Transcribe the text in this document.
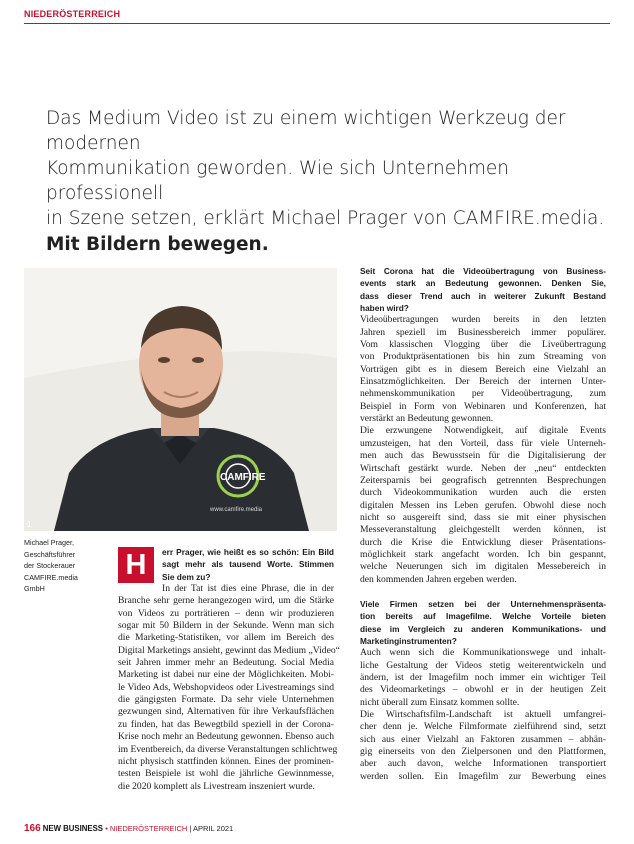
NIEDERÖSTERREICH

Das Medium Video ist zu einem wichtigen Werkzeug der modernen

Kommunikation geworden. Wie sich Unternehmen professionell

in Szene setzen, erklärt Michael Prager von CAMFIRE.media.

Mit Bildern bewegen.

CAMFIRE
www.camfire.media
1
Michael Prager,
Geschäftsführer
der Stockerauer
CAMFIRE.media
GmbH
H	err Prager, wie heißt es so schön: Ein Bild
sagt mehr als tausend Worte. Stimmen
Sie dem zu?
In der Tat ist dies eine Phrase, die in der
Branche sehr gerne herangezogen wird, um die Stärke
von Videos zu porträtieren – denn wir produzieren
sogar mit 50 Bildern in der Sekunde. Wenn man sich
die Marketing-Statistiken, vor allem im Bereich des
Digital Marketings ansieht, gewinnt das Medium „Video“
seit Jahren immer mehr an Bedeutung. Social Media
Marketing ist dabei nur eine der Möglichkeiten. Mobi-
le Video Ads, Webshopvideos oder Livestreamings sind
die gängigsten Formate. Da sehr viele Unternehmen
gezwungen sind, Alternativen für ihre Verkaufsflächen
zu finden, hat das Bewegtbild speziell in der Corona-
Krise noch mehr an Bedeutung gewonnen. Ebenso auch
im Eventbereich, da diverse Veranstaltungen schlichtweg
nicht physisch stattfinden können. Eines der prominen-
testen Beispiele ist wohl die jährliche Gewinnmesse,
die 2020 komplett als Livestream inszeniert wurde.
Seit Corona hat die Videoübertragung von Business-
events stark an Bedeutung gewonnen. Denken Sie,
dass dieser Trend auch in weiterer Zukunft Bestand
haben wird?
Videoübertragungen wurden bereits in den letzten
Jahren speziell im Businessbereich immer populärer.
Vom klassischen Vlogging über die Liveübertragung
von Produktpräsentationen bis hin zum Streaming von
Vorträgen gibt es in diesem Bereich eine Vielzahl an
Einsatzmöglichkeiten. Der Bereich der internen Unter-
nehmenskommunikation per Videoübertragung, zum
Beispiel in Form von Webinaren und Konferenzen, hat
verstärkt an Bedeutung gewonnen.
Die erzwungene Notwendigkeit, auf digitale Events
umzusteigen, hat den Vorteil, dass für viele Unterneh-
men auch das Bewusstsein für die Digitalisierung der
Wirtschaft gestärkt wurde. Neben der „neu“ entdeckten
Zeitersparnis bei geografisch getrennten Besprechungen
durch Videokommunikation wurden auch die ersten
digitalen Messen ins Leben gerufen. Obwohl diese noch
nicht so ausgereift sind, dass sie mit einer physischen
Messeveranstaltung gleichgestellt werden können, ist
durch die Krise die Entwicklung dieser Präsentations-
möglichkeit stark angefacht worden. Ich bin gespannt,
welche Neuerungen sich im digitalen Messebereich in
den kommenden Jahren ergeben werden.
Viele Firmen setzen bei der Unternehmenspräsenta-
tion bereits auf Imagefilme. Welche Vorteile bieten
diese im Vergleich zu anderen Kommunikations- und
Marketinginstrumenten?
Auch wenn sich die Kommunikationswege und inhalt-
liche Gestaltung der Videos stetig weiterentwickeln und
ändern, ist der Imagefilm noch immer ein wichtiger Teil
des Videomarketings – obwohl er in der heutigen Zeit
nicht überall zum Einsatz kommen sollte.
Die Wirtschaftsfilm-Landschaft ist aktuell umfangrei-
cher denn je. Welche Filmformate zielführend sind, setzt
sich aus einer Vielzahl an Faktoren zusammen – abhän-
gig einerseits von den Zielpersonen und den Plattformen,
aber auch davon, welche Informationen transportiert
werden sollen. Ein Imagefilm zur Bewerbung eines
166 NEW BUSINESS • NIEDERÖSTERREICH | APRIL 2021
